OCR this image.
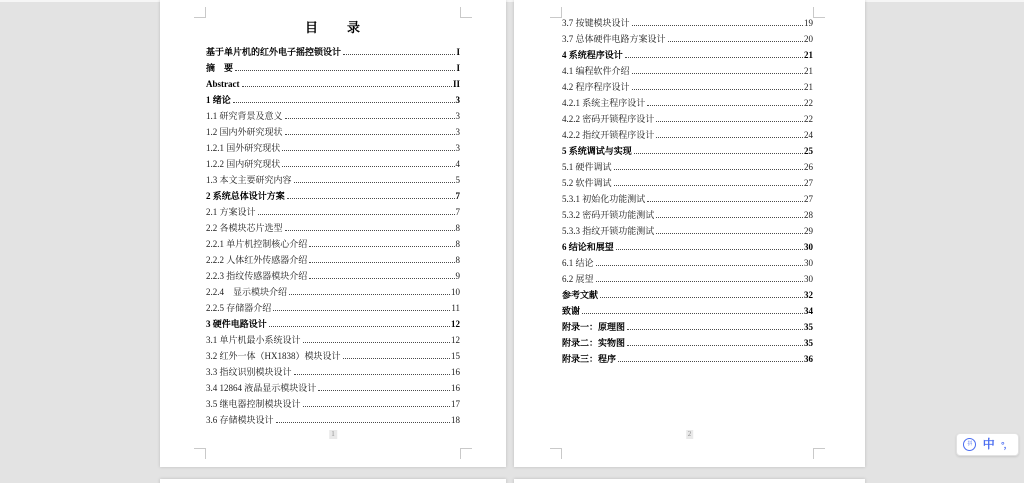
目　　录
基于单片机的红外电子摇控锁设计	I
摘　要	I
Abstract	II
1 绪论	3
1.1 研究背景及意义	3
1.2 国内外研究现状	3
1.2.1 国外研究现状	3
1.2.2 国内研究现状	4
1.3 本文主要研究内容	5
2 系统总体设计方案	7
2.1 方案设计	7
2.2 各模块芯片选型	8
2.2.1 单片机控制核心介绍	8
2.2.2 人体红外传感器介绍	8
2.2.3 指纹传感器模块介绍	9
2.2.4　显示模块介绍	10
2.2.5 存储器介绍	11
3 硬件电路设计	12
3.1 单片机最小系统设计	12
3.2 红外一体（HX1838）模块设计	15
3.3 指纹识别模块设计	16
3.4 12864 液晶显示模块设计	16
3.5 继电器控制模块设计	17
3.6 存储模块设计	18
1
3.7 按键模块设计	19
3.7 总体硬件电路方案设计	20
4 系统程序设计	21
4.1 编程软件介绍	21
4.2 程序程序设计	21
4.2.1 系统主程序设计	22
4.2.2 密码开锁程序设计	22
4.2.2 指纹开锁程序设计	24
5 系统调试与实现	25
5.1 硬件调试	26
5.2 软件调试	27
5.3.1 初始化功能测试	27
5.3.2 密码开锁功能测试	28
5.3.3 指纹开锁功能测试	29
6 结论和展望	30
6.1 结论	30
6.2 展望	30
参考文献	32
致谢	34
附录一：原理图	35
附录二：实物图	35
附录三：程序	36
2
拼 中 °，
